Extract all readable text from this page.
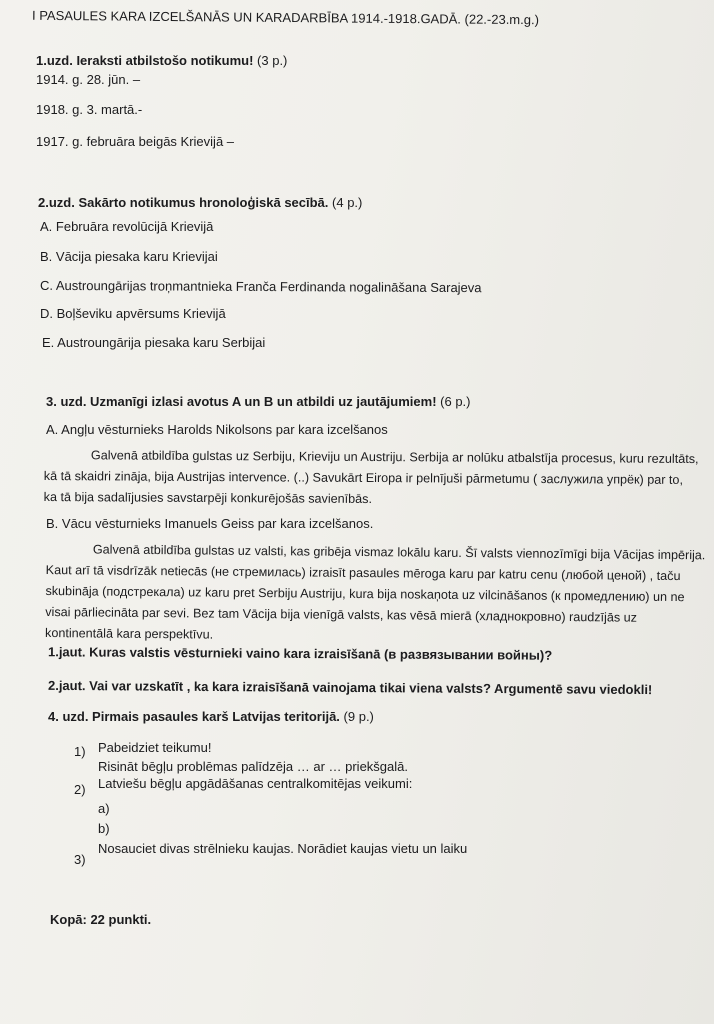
I PASAULES KARA IZCELŠANĀS UN KARADARBĪBA 1914.-1918.GADĀ. (22.-23.m.g.)
1.uzd. Ieraksti atbilstošo notikumu! (3 p.)
1914. g. 28. jūn. –
1918. g. 3. martā.-
1917. g. februāra beigās Krievijā –
2.uzd. Sakārto notikumus hronoloģiskā secībā. (4 p.)
A. Februāra revolūcijā Krievijā
B. Vācija piesaka karu Krievijai
C. Austroungārijas troņmantnieka Franča Ferdinanda nogalināšana Sarajeva
D. Boļševiku apvērsums Krievijā
E. Austroungārija piesaka karu Serbijai
3. uzd. Uzmanīgi izlasi avotus A un B un atbildi uz jautājumiem! (6 p.)
A. Angļu vēsturnieks Harolds Nikolsons par kara izcelšanos
Galvenā atbildība gulstas uz Serbiju, Krieviju un Austriju. Serbija ar nolūku atbalstīja procesus, kuru rezultāts,
kā tā skaidri zināja, bija Austrijas intervence. (..) Savukārt Eiropa ir pelnījuši pārmetumu ( заслужила упрёк) par to,
ka tā bija sadalījusies savstarpēji konkurējošās savienībās.
B. Vācu vēsturnieks Imanuels Geiss par kara izcelšanos.
Galvenā atbildība gulstas uz valsti, kas gribēja vismaz lokālu karu. Šī valsts viennozīmīgi bija Vācijas impērija.
Kaut arī tā visdrīzāk netiecās (не стремилась) izraisīt pasaules mēroga karu par katru cenu (любой ценой) , taču
skubināja (подстрекала) uz karu pret Serbiju Austriju, kura bija noskaņota uz vilcināšanos (к промедлению) un ne
visai pārliecināta par sevi. Bez tam Vācija bija vienīgā valsts, kas vēsā mierā (хладнокровно) raudzījās uz
kontinentālā kara perspektīvu.
1.jaut. Kuras valstis vēsturnieki vaino kara izraisīšanā (в развязывании войны)?
2.jaut. Vai var uzskatīt , ka kara izraisīšanā vainojama tikai viena valsts? Argumentē savu viedokli!
4. uzd. Pirmais pasaules karš Latvijas teritorijā. (9 p.)
1) Pabeidziet teikumu!
Risināt bēgļu problēmas palīdzēja … ar … priekšgalā.
2) Latviešu bēgļu apgādāšanas centralkomitējas veikumi:
a)
b)
3)
Nosauciet divas strēlnieku kaujas. Norādiet kaujas vietu un laiku
Kopā: 22 punkti.
